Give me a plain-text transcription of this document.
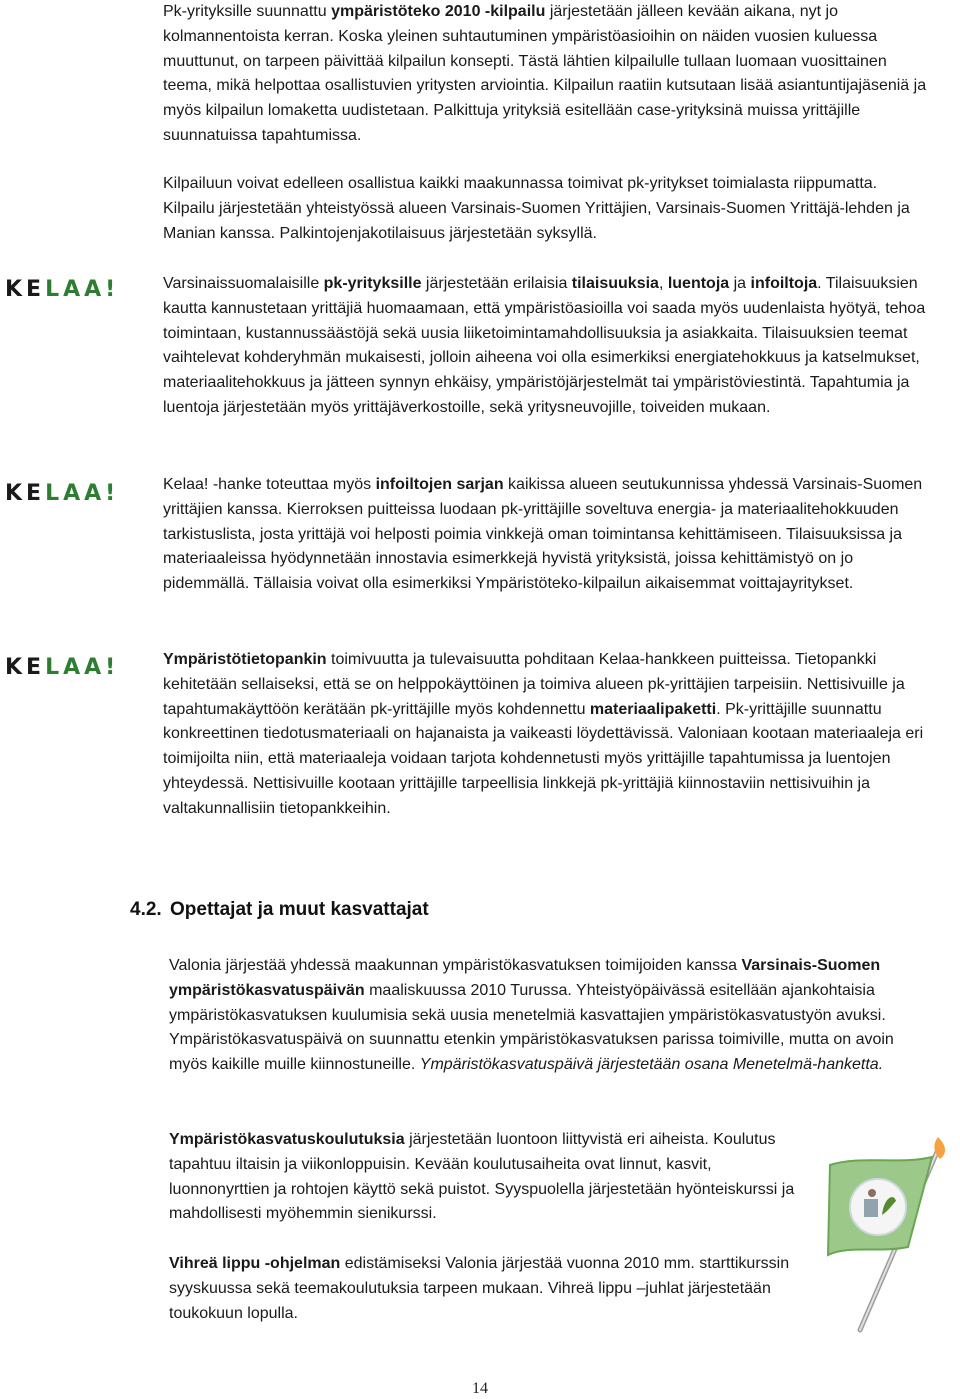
Pk-yrityksille suunnattu ympäristöteko 2010 -kilpailu järjestetään jälleen kevään aikana, nyt jo kolmannentoista kerran. Koska yleinen suhtautuminen ympäristöasioihin on näiden vuosien kuluessa muuttunut, on tarpeen päivittää kilpailun konsepti. Tästä lähtien kilpailulle tullaan luomaan vuosittainen teema, mikä helpottaa osallistuvien yritysten arviointia. Kilpailun raatiin kutsutaan lisää asiantuntijajäseniä ja myös kilpailun lomaketta uudistetaan. Palkittuja yrityksiä esitellään case-yrityksinä muissa yrittäjille suunnatuissa tapahtumissa.

Kilpailuun voivat edelleen osallistua kaikki maakunnassa toimivat pk-yritykset toimialasta riippumatta. Kilpailu järjestetään yhteistyössä alueen Varsinais-Suomen Yrittäjien, Varsinais-Suomen Yrittäjä-lehden ja Manian kanssa. Palkintojenjakotilaisuus järjestetään syksyllä.

KELAA!	Varsinaissuomalaisille pk-yrityksille järjestetään erilaisia tilaisuuksia, luentoja ja infoiltoja. Tilaisuuksien kautta kannustetaan yrittäjiä huomaamaan, että ympäristöasioilla voi saada myös uudenlaista hyötyä, tehoa toimintaan, kustannussäästöjä sekä uusia liiketoimintamahdollisuuksia ja asiakkaita. Tilaisuuksien teemat vaihtelevat kohderyhmän mukaisesti, jolloin aiheena voi olla esimerkiksi energiatehokkuus ja katselmukset, materiaalitehokkuus ja jätteen synnyn ehkäisy, ympäristöjärjestelmät tai ympäristöviestintä. Tapahtumia ja luentoja järjestetään myös yrittäjäverkostoille, sekä yritysneuvojille, toiveiden mukaan.

KELAA!	Kelaa! -hanke toteuttaa myös infoiltojen sarjan kaikissa alueen seutukunnissa yhdessä Varsinais-Suomen yrittäjien kanssa. Kierroksen puitteissa luodaan pk-yrittäjille soveltuva energia- ja materiaalitehokkuuden tarkistuslista, josta yrittäjä voi helposti poimia vinkkejä oman toimintansa kehittämiseen. Tilaisuuksissa ja materiaaleissa hyödynnetään innostavia esimerkkejä hyvistä yrityksistä, joissa kehittämistyö on jo pidemmällä. Tällaisia voivat olla esimerkiksi Ympäristöteko-kilpailun aikaisemmat voittajayritykset.

KELAA!	Ympäristötietopankin toimivuutta ja tulevaisuutta pohditaan Kelaa-hankkeen puitteissa. Tietopankki kehitetään sellaiseksi, että se on helppokäyttöinen ja toimiva alueen pk-yrittäjien tarpeisiin. Nettisivuille ja tapahtumakäyttöön kerätään pk-yrittäjille myös kohdennettu materiaalipaketti. Pk-yrittäjille suunnattu konkreettinen tiedotusmateriaali on hajanaista ja vaikeasti löydettävissä. Valoniaan kootaan materiaaleja eri toimijoilta niin, että materiaaleja voidaan tarjota kohdennetusti myös yrittäjille tapahtumissa ja luentojen yhteydessä. Nettisivuille kootaan yrittäjille tarpeellisia linkkejä pk-yrittäjiä kiinnostaviin nettisivuihin ja valtakunnallisiin tietopankkeihin.

4.2. Opettajat ja muut kasvattajat

Valonia järjestää yhdessä maakunnan ympäristökasvatuksen toimijoiden kanssa Varsinais-Suomen ympäristökasvatuspäivän maaliskuussa 2010 Turussa. Yhteistyöpäivässä esitellään ajankohtaisia ympäristökasvatuksen kuulumisia sekä uusia menetelmiä kasvattajien ympäristökasvatustyön avuksi. Ympäristökasvatuspäivä on suunnattu etenkin ympäristökasvatuksen parissa toimiville, mutta on avoin myös kaikille muille kiinnostuneille. Ympäristökasvatuspäivä järjestetään osana Menetelmä-hanketta.

Ympäristökasvatuskoulutuksia järjestetään luontoon liittyvistä eri aiheista. Koulutus tapahtuu iltaisin ja viikonloppuisin. Kevään koulutusaiheita ovat linnut, kasvit, luonnonyrttien ja rohtojen käyttö sekä puistot. Syyspuolella järjestetään hyönteiskurssi ja mahdollisesti myöhemmin sienikurssi.

Vihreä lippu -ohjelman edistämiseksi Valonia järjestää vuonna 2010 mm. starttikurssin syyskuussa sekä teemakoulutuksia tarpeen mukaan. Vihreä lippu –juhlat järjestetään toukokuun lopulla.

14
